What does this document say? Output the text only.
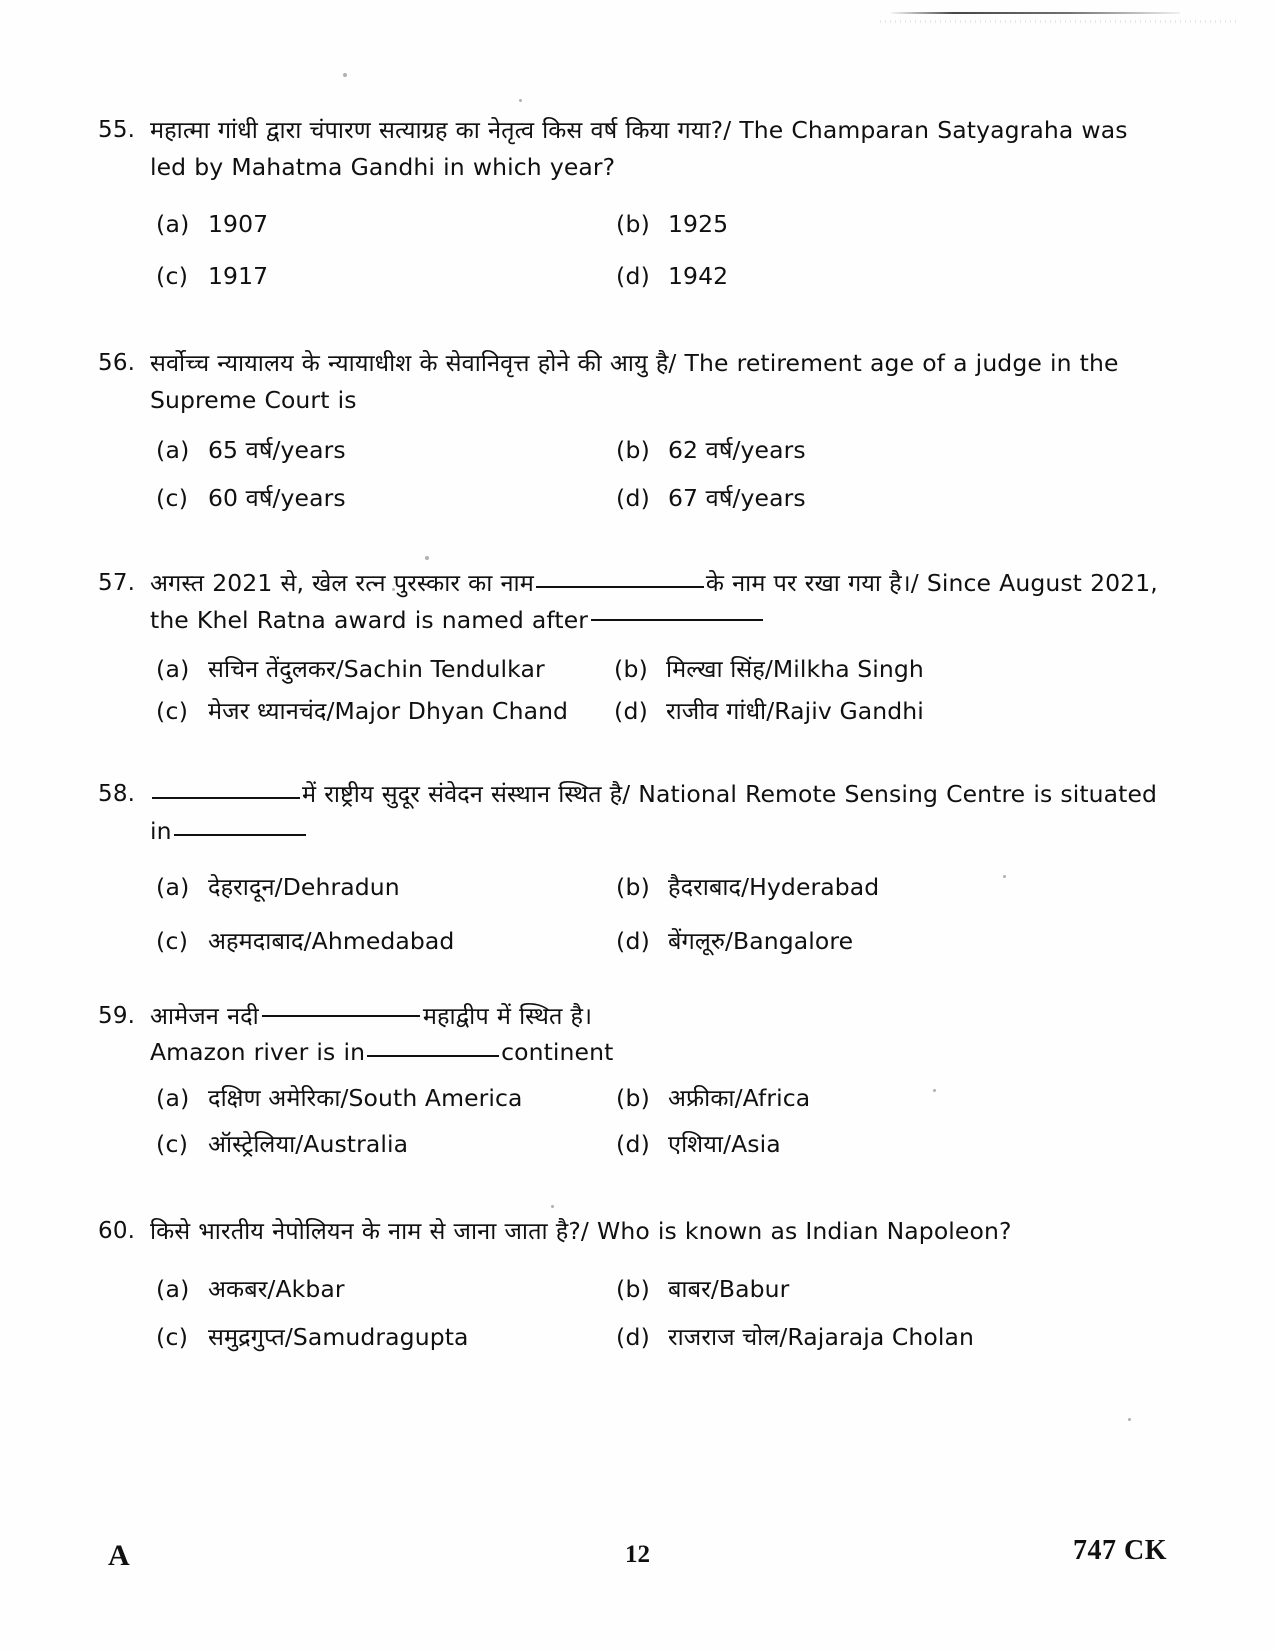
55. महात्मा गांधी द्वारा चंपारण सत्याग्रह का नेतृत्व किस वर्ष किया गया?/ The Champaran Satyagraha was led by Mahatma Gandhi in which year?
(a) 1907	(b) 1925
(c) 1917	(d) 1942
56. सर्वोच्च न्यायालय के न्यायाधीश के सेवानिवृत्त होने की आयु है/ The retirement age of a judge in the Supreme Court is
(a) 65 वर्ष/years	(b) 62 वर्ष/years
(c) 60 वर्ष/years	(d) 67 वर्ष/years
57. अगस्त 2021 से, खेल रत्न पुरस्कार का नाम	के नाम पर रखा गया है।/ Since August 2021, the Khel Ratna award is named after
(a) सचिन तेंदुलकर/Sachin Tendulkar	(b) मिल्खा सिंह/Milkha Singh
(c) मेजर ध्यानचंद/Major Dhyan Chand (d) राजीव गांधी/Rajiv Gandhi
58.	में राष्ट्रीय सुदूर संवेदन संस्थान स्थित है/ National Remote Sensing Centre is situated in
(a) देहरादून/Dehradun	(b) हैदराबाद/Hyderabad
(c) अहमदाबाद/Ahmedabad	(d) बेंगलूरु/Bangalore
59. आमेजन नदी	महाद्वीप में स्थित है।
Amazon river is in	continent
(a) दक्षिण अमेरिका/South America	(b) अफ्रीका/Africa
(c) ऑस्ट्रेलिया/Australia	(d) एशिया/Asia
60. किसे भारतीय नेपोलियन के नाम से जाना जाता है?/ Who is known as Indian Napoleon?
(a) अकबर/Akbar	(b) बाबर/Babur
(c) समुद्रगुप्त/Samudragupta	(d) राजराज चोल/Rajaraja Cholan
A	12	747 CK
